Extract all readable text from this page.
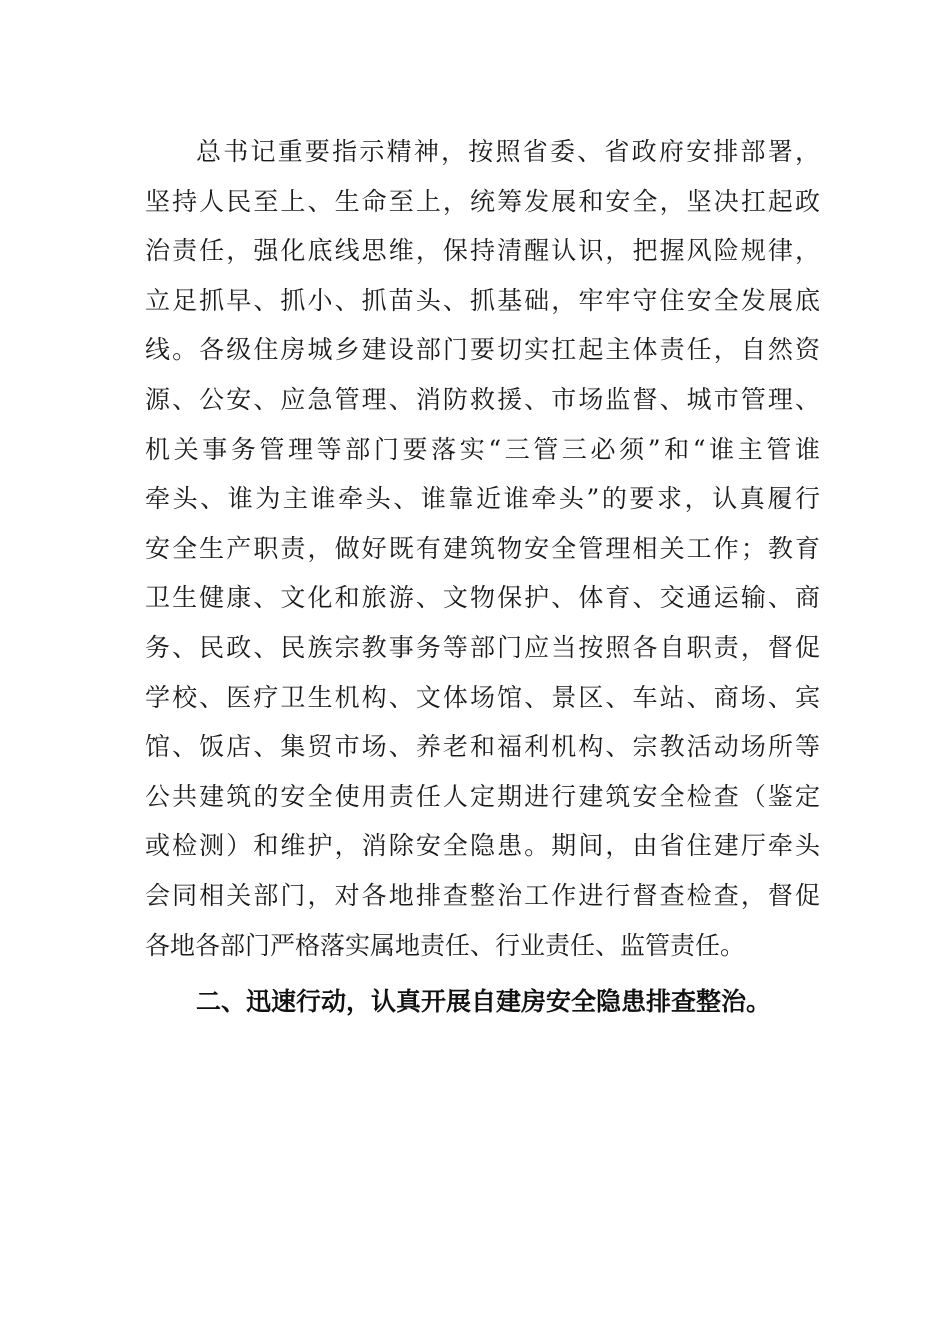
总书记重要指示精神，按照省委、省政府安排部署，
坚持人民至上、生命至上，统筹发展和安全，坚决扛起政
治责任，强化底线思维，保持清醒认识，把握风险规律，
立足抓早、抓小、抓苗头、抓基础，牢牢守住安全发展底
线。各级住房城乡建设部门要切实扛起主体责任，自然资
源、公安、应急管理、消防救援、市场监督、城市管理、
机关事务管理等部门要落实“三管三必须”和“谁主管谁
牵头、谁为主谁牵头、谁靠近谁牵头”的要求，认真履行
安全生产职责，做好既有建筑物安全管理相关工作；教育
卫生健康、文化和旅游、文物保护、体育、交通运输、商
务、民政、民族宗教事务等部门应当按照各自职责，督促
学校、医疗卫生机构、文体场馆、景区、车站、商场、宾
馆、饭店、集贸市场、养老和福利机构、宗教活动场所等
公共建筑的安全使用责任人定期进行建筑安全检查（鉴定
或检测）和维护，消除安全隐患。期间，由省住建厅牵头
会同相关部门，对各地排查整治工作进行督查检查，督促
各地各部门严格落实属地责任、行业责任、监管责任。
二、迅速行动，认真开展自建房安全隐患排查整治。
